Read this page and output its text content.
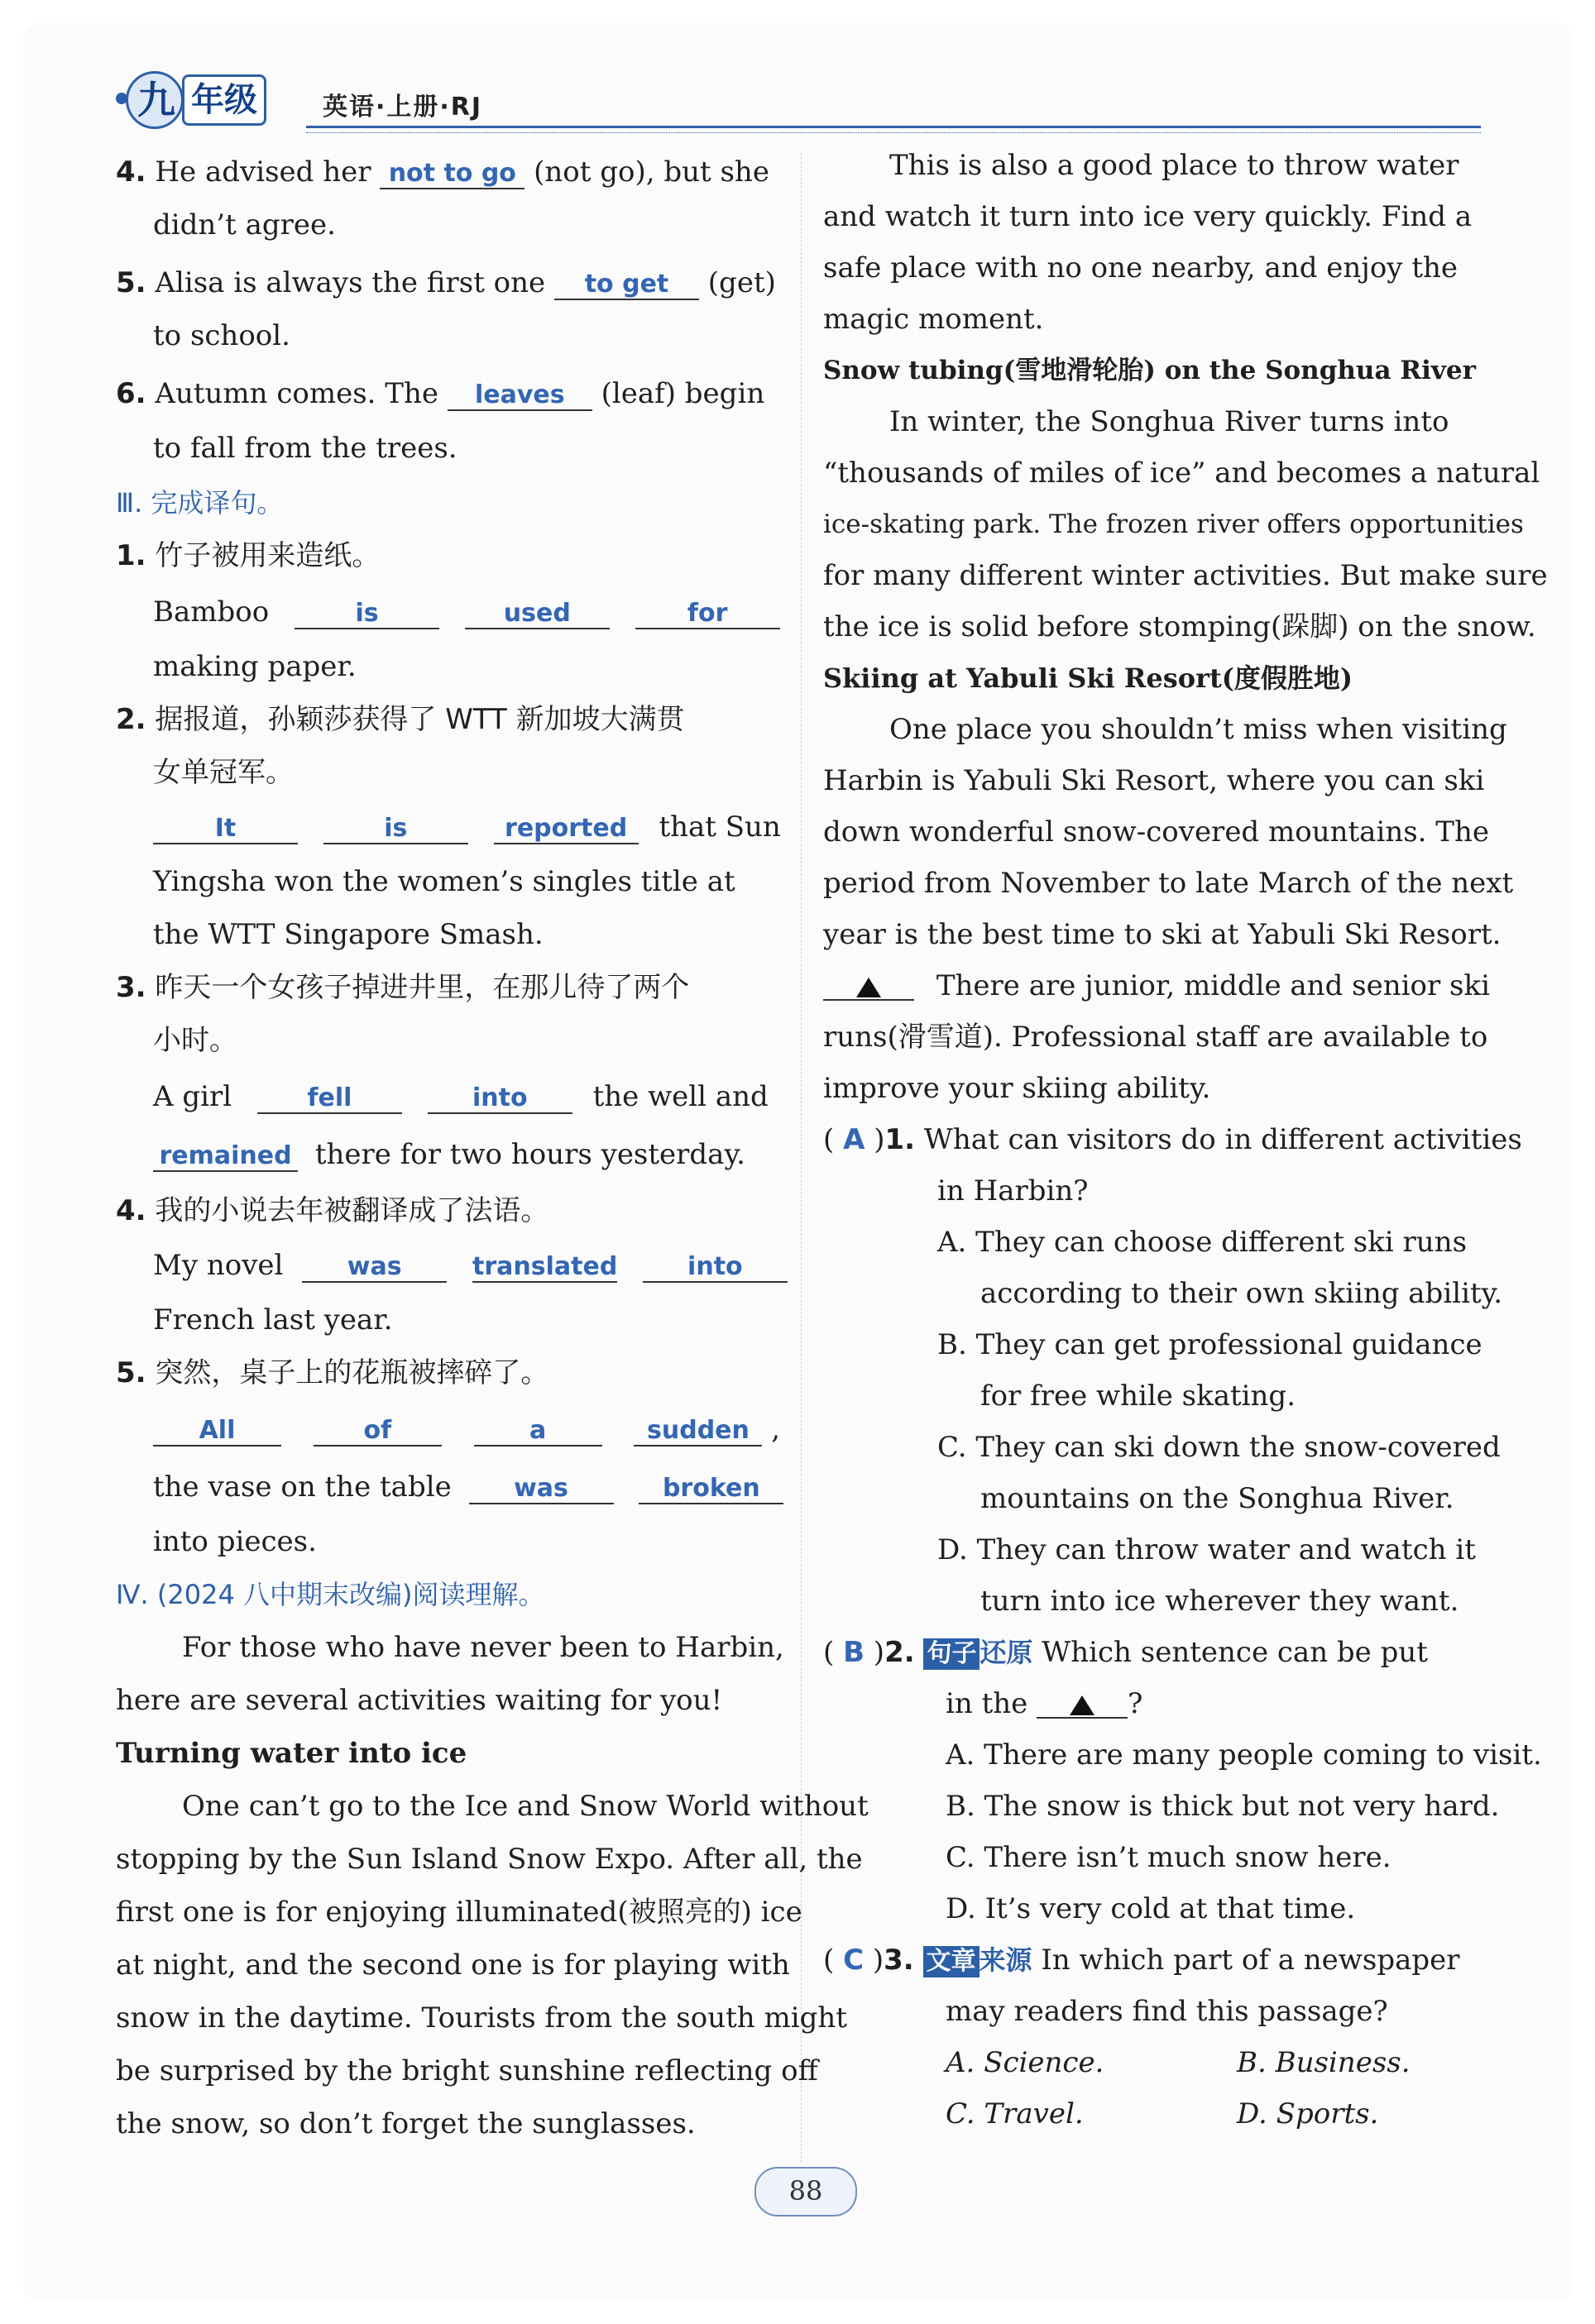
九 年级	英语·上册·RJ
4. He advised her not to go (not go), but she
didn’t agree.
5. Alisa is always the first one to get (get)
to school.
6. Autumn comes. The leaves (leaf) begin
to fall from the trees.
Ⅲ. 完成译句。
1. 竹子被用来造纸。
Bamboo	is	used	for
making paper.
2. 据报道，孙颖莎获得了 WTT 新加坡大满贯
女单冠军。
It	is	reported that Sun
Yingsha won the women’s singles title at
the WTT Singapore Smash.
3. 昨天一个女孩子掉进井里，在那儿待了两个
小时。
A girl	fell	into the well and
remained there for two hours yesterday.
4. 我的小说去年被翻译成了法语。
My novel	was	translated	into
French last year.
5. 突然，桌子上的花瓶被摔碎了。
All	of	a	sudden ,
the vase on the table	was	broken
into pieces.
Ⅳ. (2024 八中期末改编)阅读理解。
For those who have never been to Harbin,
here are several activities waiting for you!
Turning water into ice
One can’t go to the Ice and Snow World without
stopping by the Sun Island Snow Expo. After all, the
first one is for enjoying illuminated(被照亮的) ice
at night, and the second one is for playing with
snow in the daytime. Tourists from the south might
be surprised by the bright sunshine reflecting off
the snow, so don’t forget the sunglasses.
This is also a good place to throw water
and watch it turn into ice very quickly. Find a
safe place with no one nearby, and enjoy the
magic moment.
Snow tubing(雪地滑轮胎) on the Songhua River
In winter, the Songhua River turns into
“thousands of miles of ice” and becomes a natural
ice-skating park. The frozen river offers opportunities
for many different winter activities. But make sure
the ice is solid before stomping(跺脚) on the snow.
Skiing at Yabuli Ski Resort(度假胜地)
One place you shouldn’t miss when visiting
Harbin is Yabuli Ski Resort, where you can ski
down wonderful snow-covered mountains. The
period from November to late March of the next
year is the best time to ski at Yabuli Ski Resort.
There are junior, middle and senior ski
runs(滑雪道). Professional staff are available to
improve your skiing ability.
( A )1. What can visitors do in different activities
in Harbin?
A. They can choose different ski runs
according to their own skiing ability.
B. They can get professional guidance
for free while skating.
C. They can ski down the snow-covered
mountains on the Songhua River.
D. They can throw water and watch it
turn into ice wherever they want.
( B )2. 句子 还原 Which sentence can be put
in the	?
A. There are many people coming to visit.
B. The snow is thick but not very hard.
C. There isn’t much snow here.
D. It’s very cold at that time.
( C )3. 文章 来源 In which part of a newspaper
may readers find this passage?
A. Science.	B. Business.
C. Travel.	D. Sports.
88
